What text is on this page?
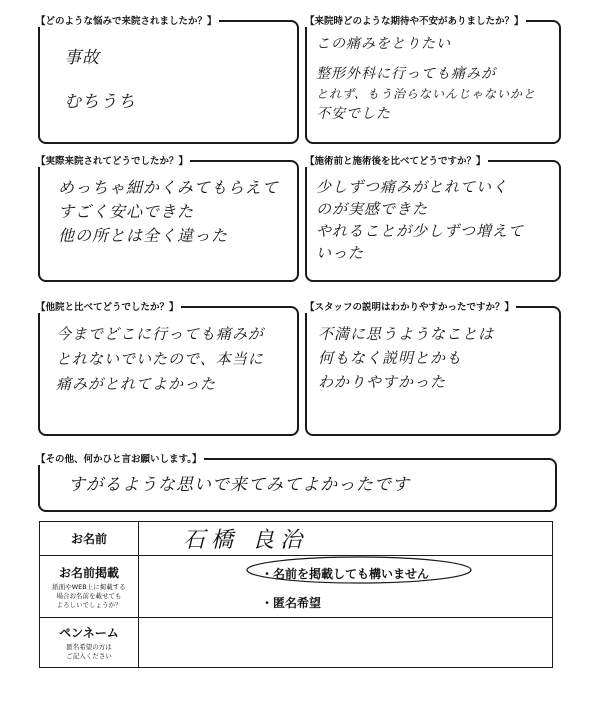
【どのような悩みで来院されましたか？】
事故
むちうち
【来院時どのような期待や不安がありましたか？】
この痛みをとりたい
整形外科に行っても痛みが
とれず、もう治らないんじゃないかと
不安でした
【実際来院されてどうでしたか？】
めっちゃ細かくみてもらえて
すごく安心できた
他の所とは全く違った
【施術前と施術後を比べてどうですか？】
少しずつ痛みがとれていく
のが実感できた
やれることが少しずつ増えて
いった
【他院と比べてどうでしたか？】
今までどこに行っても痛みが
とれないでいたので、本当に
痛みがとれてよかった
【スタッフの説明はわかりやすかったですか？】
不満に思うようなことは
何もなく説明とかも
わかりやすかった
【その他、何かひと言お願いします。】
すがるような思いで来てみてよかったです
お名前	石橋 良治

お名前掲載
紙面やWEB上に掲載する
場合お名前を載せても
よろしいでしょうか？	・名前を掲載しても構いません

・匿名希望

ペンネーム
匿名希望の方は
ご記入ください	
